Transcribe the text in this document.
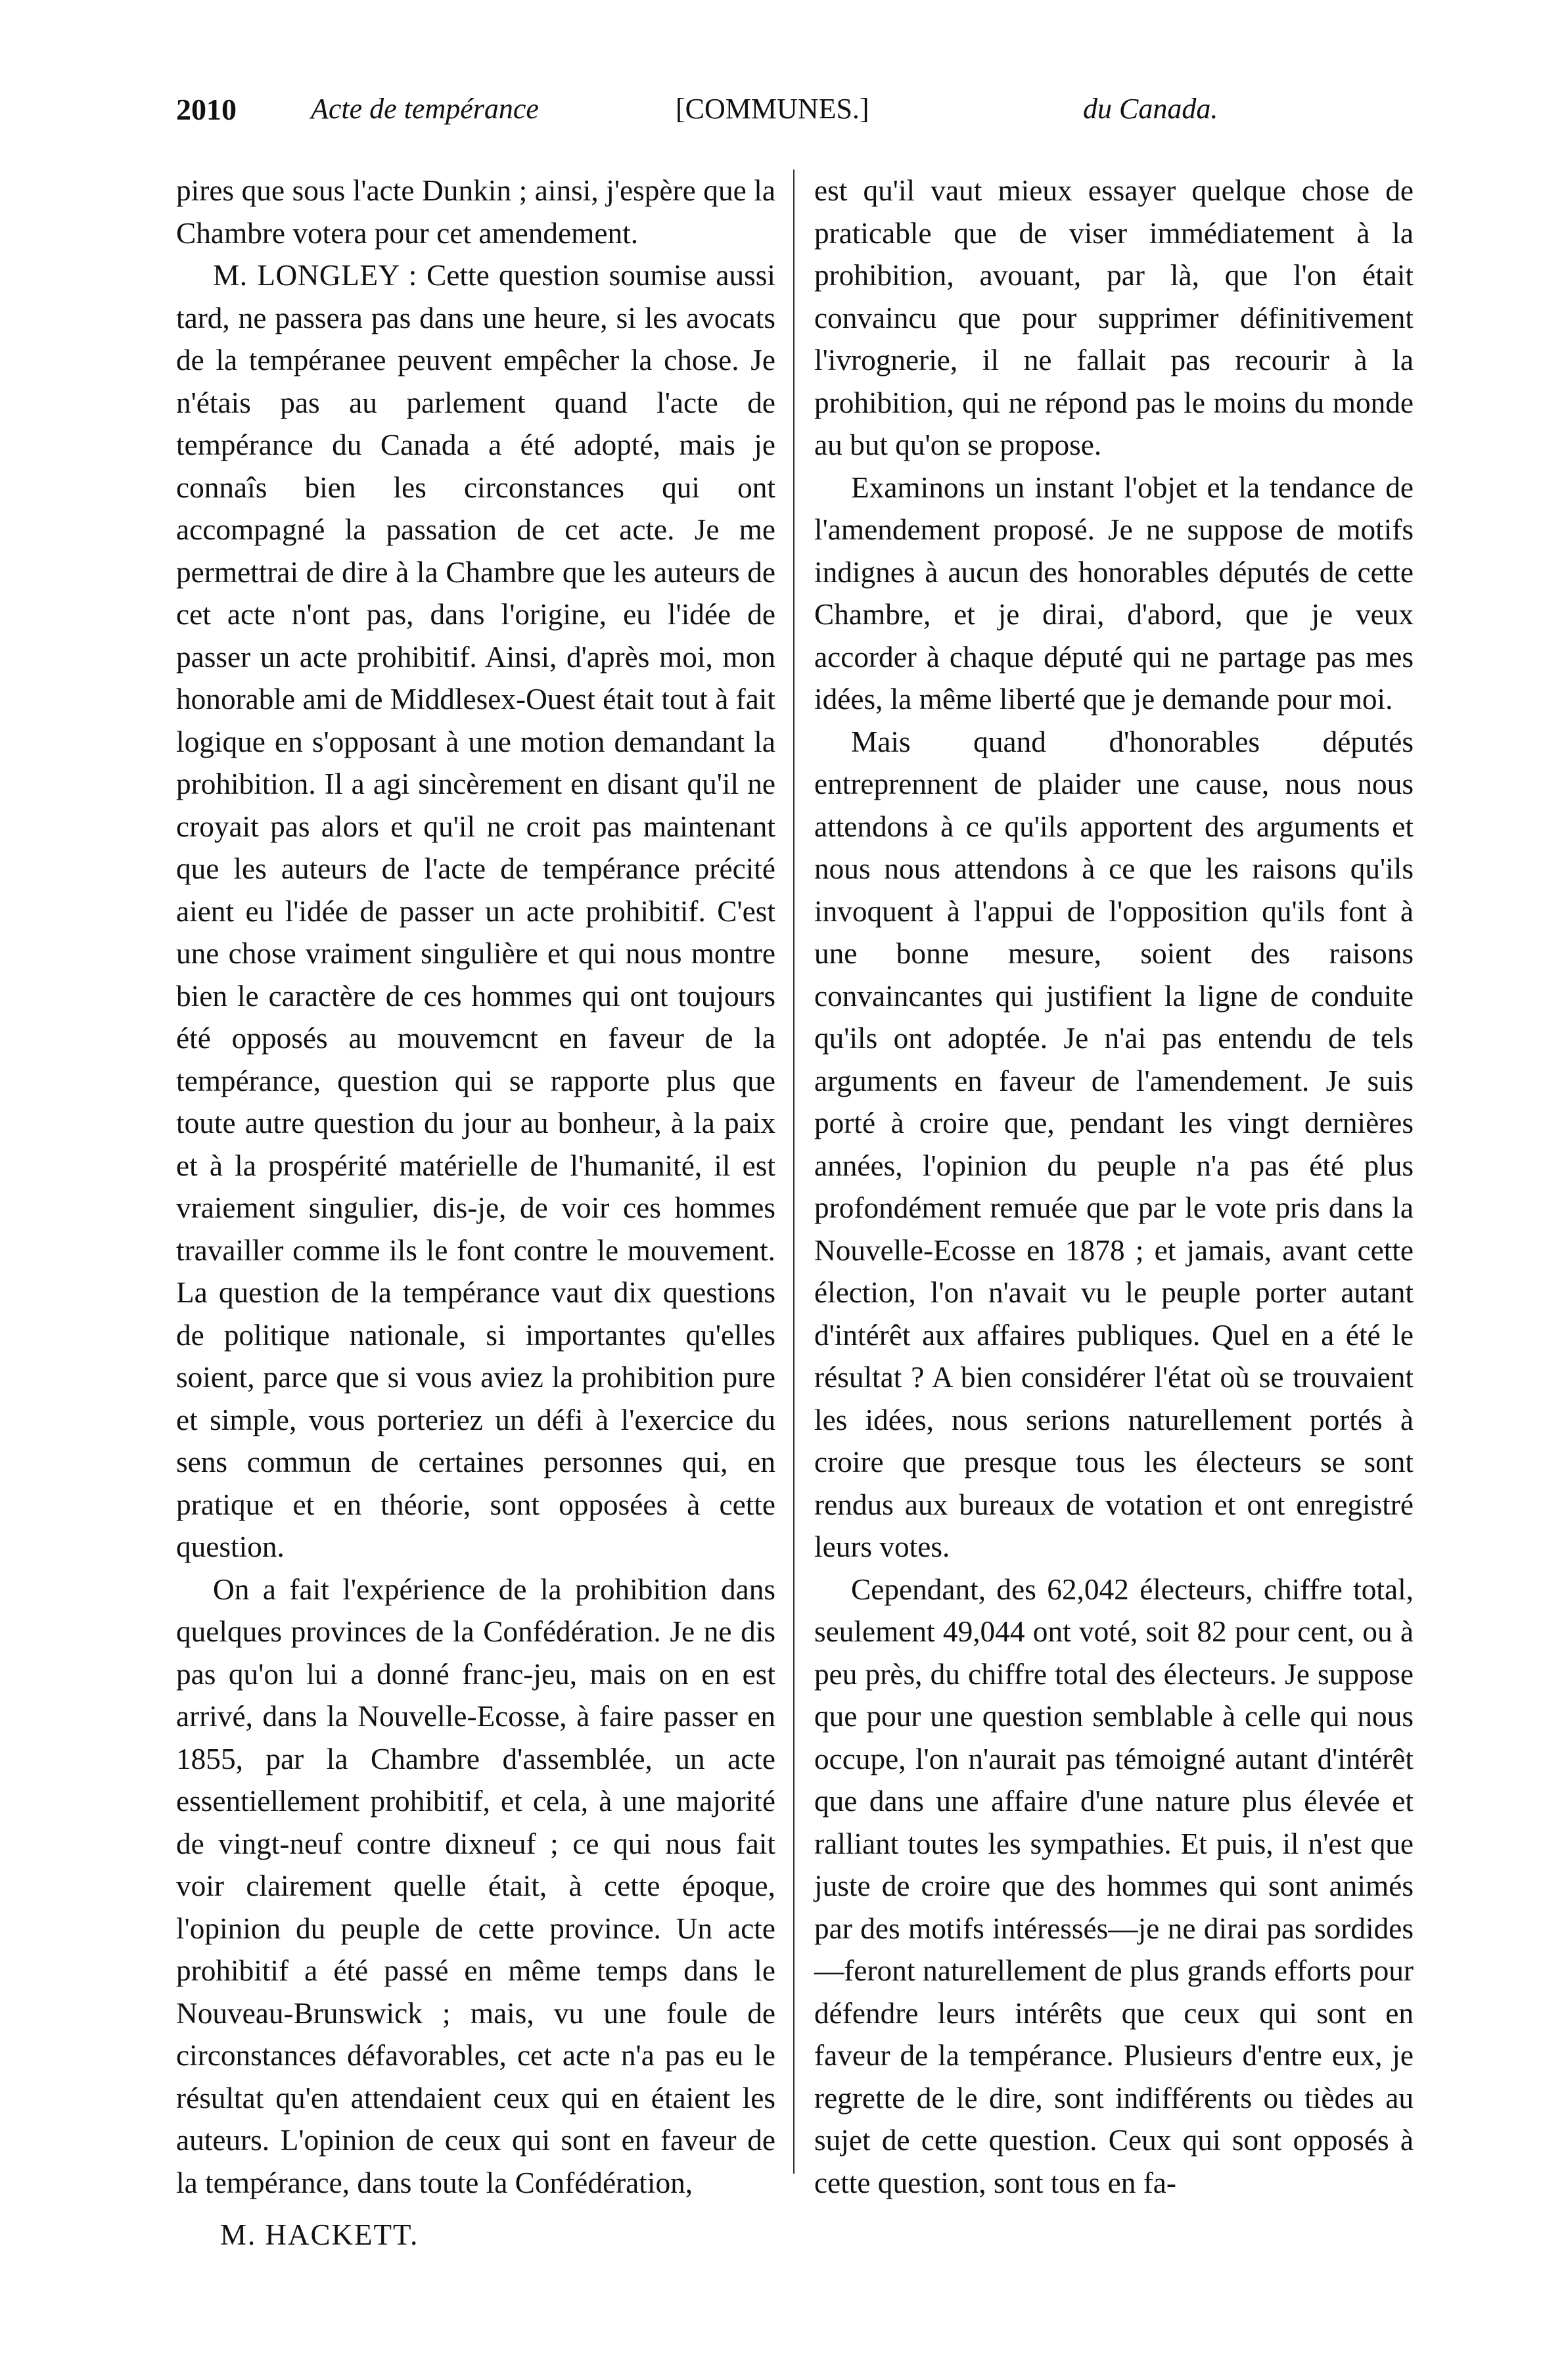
2010	Acte de tempérance	[COMMUNES.]	du Canada.

pires que sous l'acte Dunkin ; ainsi, j'espère que la Chambre votera pour cet amendement.

M. LONGLEY : Cette question soumise aussi tard, ne passera pas dans une heure, si les avocats de la tempéranee peuvent empêcher la chose. Je n'étais pas au parlement quand l'acte de tempérance du Canada a été adopté, mais je connaîs bien les circonstances qui ont accompagné la passation de cet acte. Je me permettrai de dire à la Chambre que les auteurs de cet acte n'ont pas, dans l'origine, eu l'idée de passer un acte prohibitif. Ainsi, d'après moi, mon honorable ami de Middlesex-Ouest était tout à fait logique en s'opposant à une motion demandant la prohibition. Il a agi sincèrement en disant qu'il ne croyait pas alors et qu'il ne croit pas maintenant que les auteurs de l'acte de tempérance précité aient eu l'idée de passer un acte prohibitif. C'est une chose vraiment singulière et qui nous montre bien le caractère de ces hommes qui ont toujours été opposés au mouvemcnt en faveur de la tempérance, question qui se rapporte plus que toute autre question du jour au bonheur, à la paix et à la prospérité matérielle de l'humanité, il est vraiement singulier, dis-je, de voir ces hommes travailler comme ils le font contre le mouvement. La question de la tempérance vaut dix questions de politique nationale, si importantes qu'elles soient, parce que si vous aviez la prohibition pure et simple, vous porteriez un défi à l'exercice du sens commun de certaines personnes qui, en pratique et en théorie, sont opposées à cette question.

On a fait l'expérience de la prohibition dans quelques provinces de la Confédération. Je ne dis pas qu'on lui a donné franc-jeu, mais on en est arrivé, dans la Nouvelle-Ecosse, à faire passer en 1855, par la Chambre d'assemblée, un acte essentiellement prohibitif, et cela, à une majorité de vingt-neuf contre dixneuf ; ce qui nous fait voir clairement quelle était, à cette époque, l'opinion du peuple de cette province. Un acte prohibitif a été passé en même temps dans le Nouveau-Brunswick ; mais, vu une foule de circonstances défavorables, cet acte n'a pas eu le résultat qu'en attendaient ceux qui en étaient les auteurs. L'opinion de ceux qui sont en faveur de la tempérance, dans toute la Confédération,

est qu'il vaut mieux essayer quelque chose de praticable que de viser immédiatement à la prohibition, avouant, par là, que l'on était convaincu que pour supprimer définitivement l'ivrognerie, il ne fallait pas recourir à la prohibition, qui ne répond pas le moins du monde au but qu'on se propose.

Examinons un instant l'objet et la tendance de l'amendement proposé. Je ne suppose de motifs indignes à aucun des honorables députés de cette Chambre, et je dirai, d'abord, que je veux accorder à chaque député qui ne partage pas mes idées, la même liberté que je demande pour moi.

Mais quand d'honorables députés entreprennent de plaider une cause, nous nous attendons à ce qu'ils apportent des arguments et nous nous attendons à ce que les raisons qu'ils invoquent à l'appui de l'opposition qu'ils font à une bonne mesure, soient des raisons convaincantes qui justifient la ligne de conduite qu'ils ont adoptée. Je n'ai pas entendu de tels arguments en faveur de l'amendement. Je suis porté à croire que, pendant les vingt dernières années, l'opinion du peuple n'a pas été plus profondément remuée que par le vote pris dans la Nouvelle-Ecosse en 1878 ; et jamais, avant cette élection, l'on n'avait vu le peuple porter autant d'intérêt aux affaires publiques. Quel en a été le résultat ? A bien considérer l'état où se trouvaient les idées, nous serions naturellement portés à croire que presque tous les électeurs se sont rendus aux bureaux de votation et ont enregistré leurs votes.

Cependant, des 62,042 électeurs, chiffre total, seulement 49,044 ont voté, soit 82 pour cent, ou à peu près, du chiffre total des électeurs. Je suppose que pour une question semblable à celle qui nous occupe, l'on n'aurait pas témoigné autant d'intérêt que dans une affaire d'une nature plus élevée et ralliant toutes les sympathies. Et puis, il n'est que juste de croire que des hommes qui sont animés par des motifs intéressés—je ne dirai pas sordides—feront naturellement de plus grands efforts pour défendre leurs intérêts que ceux qui sont en faveur de la tempérance. Plusieurs d'entre eux, je regrette de le dire, sont indifférents ou tièdes au sujet de cette question. Ceux qui sont opposés à cette question, sont tous en fa-

M. HACKETT.
